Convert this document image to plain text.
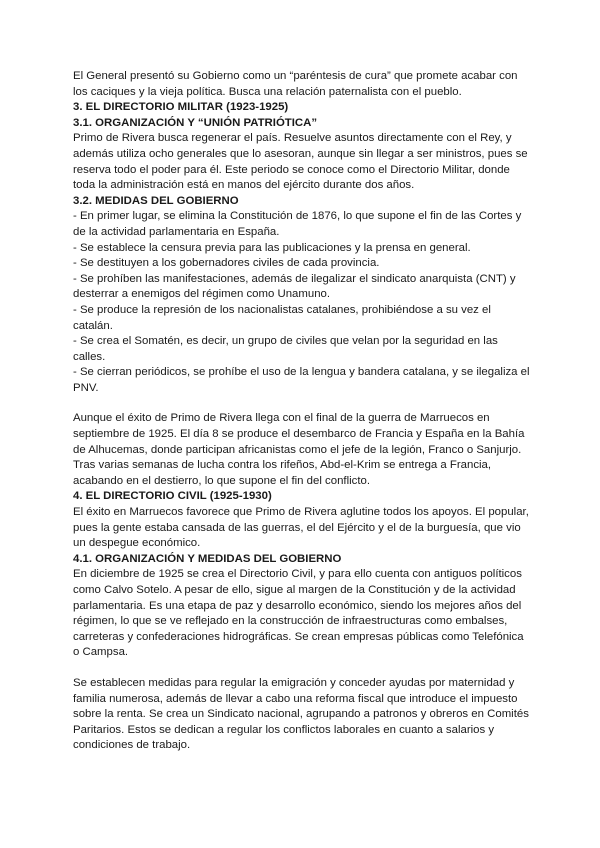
El General presentó su Gobierno como un “paréntesis de cura” que promete acabar con los caciques y la vieja política. Busca una relación paternalista con el pueblo.

3. EL DIRECTORIO MILITAR (1923-1925)

3.1. ORGANIZACIÓN Y “UNIÓN PATRIÓTICA”

Primo de Rivera busca regenerar el país. Resuelve asuntos directamente con el Rey, y además utiliza ocho generales que lo asesoran, aunque sin llegar a ser ministros, pues se reserva todo el poder para él. Este periodo se conoce como el Directorio Militar, donde toda la administración está en manos del ejército durante dos años.

3.2. MEDIDAS DEL GOBIERNO

- En primer lugar, se elimina la Constitución de 1876, lo que supone el fin de las Cortes y de la actividad parlamentaria en España.

- Se establece la censura previa para las publicaciones y la prensa en general.

- Se destituyen a los gobernadores civiles de cada provincia.

- Se prohíben las manifestaciones, además de ilegalizar el sindicato anarquista (CNT) y desterrar a enemigos del régimen como Unamuno.

- Se produce la represión de los nacionalistas catalanes, prohibiéndose a su vez el catalán.

- Se crea el Somatén, es decir, un grupo de civiles que velan por la seguridad en las calles.

- Se cierran periódicos, se prohíbe el uso de la lengua y bandera catalana, y se ilegaliza el PNV.

Aunque el éxito de Primo de Rivera llega con el final de la guerra de Marruecos en septiembre de 1925. El día 8 se produce el desembarco de Francia y España en la Bahía de Alhucemas, donde participan africanistas como el jefe de la legión, Franco o Sanjurjo. Tras varias semanas de lucha contra los rifeños, Abd-el-Krim se entrega a Francia, acabando en el destierro, lo que supone el fin del conflicto.

4. EL DIRECTORIO CIVIL (1925-1930)

El éxito en Marruecos favorece que Primo de Rivera aglutine todos los apoyos. El popular, pues la gente estaba cansada de las guerras, el del Ejército y el de la burguesía, que vio un despegue económico.

4.1. ORGANIZACIÓN Y MEDIDAS DEL GOBIERNO

En diciembre de 1925 se crea el Directorio Civil, y para ello cuenta con antiguos políticos como Calvo Sotelo. A pesar de ello, sigue al margen de la Constitución y de la actividad parlamentaria. Es una etapa de paz y desarrollo económico, siendo los mejores años del régimen, lo que se ve reflejado en la construcción de infraestructuras como embalses, carreteras y confederaciones hidrográficas. Se crean empresas públicas como Telefónica o Campsa.

Se establecen medidas para regular la emigración y conceder ayudas por maternidad y familia numerosa, además de llevar a cabo una reforma fiscal que introduce el impuesto sobre la renta. Se crea un Sindicato nacional, agrupando a patronos y obreros en Comités Paritarios. Estos se dedican a regular los conflictos laborales en cuanto a salarios y condiciones de trabajo.
